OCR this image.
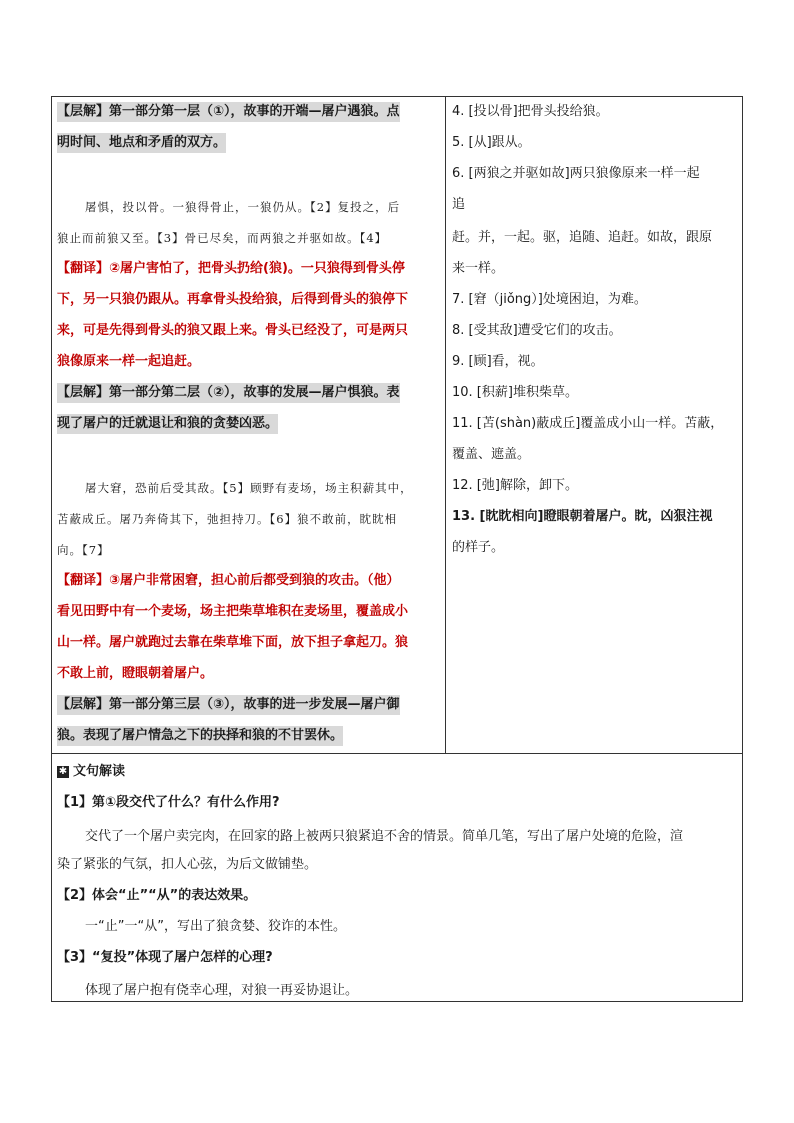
【层解】第一部分第一层（①），故事的开端—屠户遇狼。点
明时间、地点和矛盾的双方。
屠惧，投以骨。一狼得骨止，一狼仍从。【2】复投之，后
狼止而前狼又至。【3】骨已尽矣，而两狼之并驱如故。【4】
【翻译】②屠户害怕了，把骨头扔给(狼)。一只狼得到骨头停
下，另一只狼仍跟从。再拿骨头投给狼，后得到骨头的狼停下
来，可是先得到骨头的狼又跟上来。骨头已经没了，可是两只
狼像原来一样一起追赶。
【层解】第一部分第二层（②），故事的发展—屠户惧狼。表
现了屠户的迁就退让和狼的贪婪凶恶。
屠大窘，恐前后受其敌。【5】顾野有麦场，场主积薪其中，
苫蔽成丘。屠乃奔倚其下，弛担持刀。【6】狼不敢前，眈眈相
向。【7】
【翻译】③屠户非常困窘，担心前后都受到狼的攻击。（他）
看见田野中有一个麦场，场主把柴草堆积在麦场里，覆盖成小
山一样。屠户就跑过去靠在柴草堆下面，放下担子拿起刀。狼
不敢上前，瞪眼朝着屠户。
【层解】第一部分第三层（③），故事的进一步发展—屠户御
狼。表现了屠户情急之下的抉择和狼的不甘罢休。
4. [投以骨]把骨头投给狼。
5. [从]跟从。
6. [两狼之并驱如故]两只狼像原来一样一起
追
赶。并，一起。驱，追随、追赶。如故，跟原
来一样。
7. [窘（jiǒng）]处境困迫，为难。
8. [受其敌]遭受它们的攻击。
9. [顾]看，视。
10. [积薪]堆积柴草。
11. [苫(shàn)蔽成丘]覆盖成小山一样。苫蔽，
覆盖、遮盖。
12. [弛]解除，卸下。
13. [眈眈相向]瞪眼朝着屠户。眈，凶狠注视
的样子。
✱ 文句解读
【1】第①段交代了什么？有什么作用?
交代了一个屠户卖完肉，在回家的路上被两只狼紧追不舍的情景。简单几笔，写出了屠户处境的危险，渲
染了紧张的气氛，扣人心弦，为后文做铺垫。
【2】体会“止”“从”的表达效果。
一“止”一“从”，写出了狼贪婪、狡诈的本性。
【3】“复投”体现了屠户怎样的心理?
体现了屠户抱有侥幸心理，对狼一再妥协退让。
